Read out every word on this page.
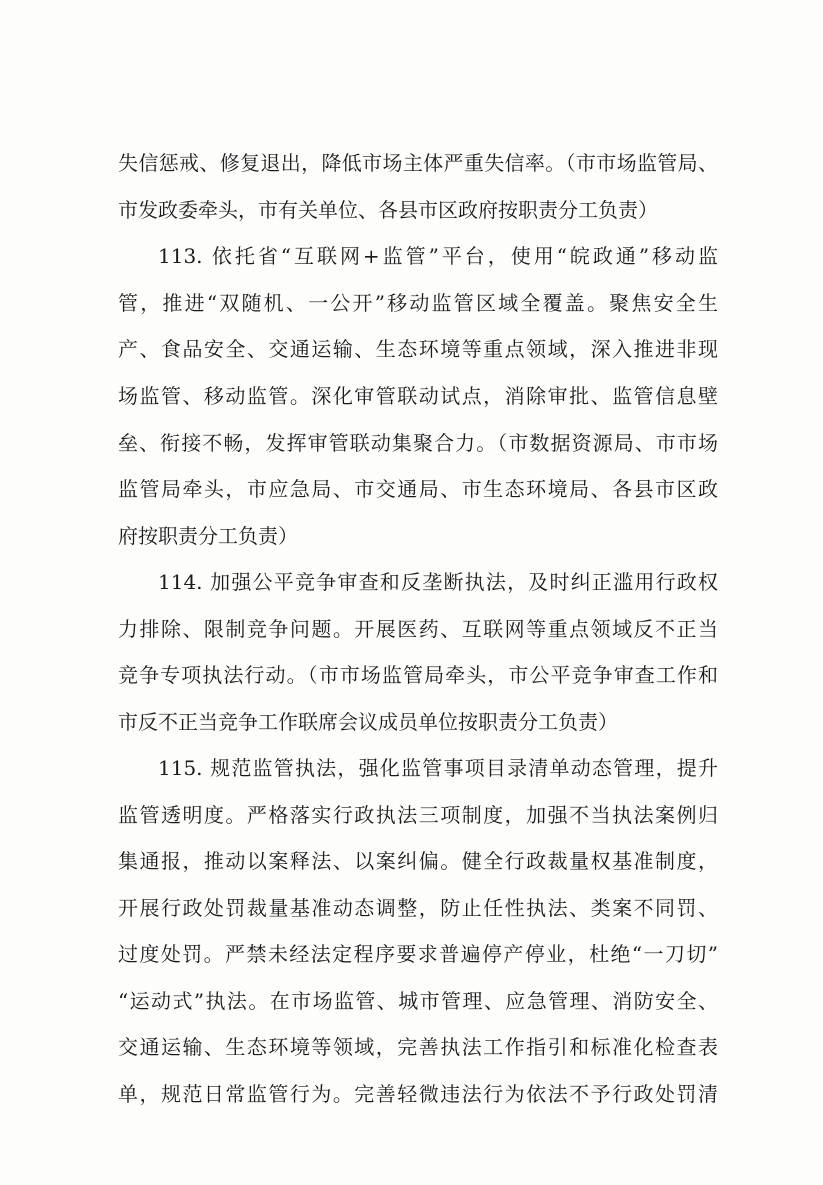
失信惩戒、修复退出，降低市场主体严重失信率。（市市场监管局、
市发政委牵头，市有关单位、各县市区政府按职责分工负责）
113. 依托省“互联网+监管”平台，使用“皖政通”移动监
管，推进“双随机、一公开”移动监管区域全覆盖。聚焦安全生
产、食品安全、交通运输、生态环境等重点领域，深入推进非现
场监管、移动监管。深化审管联动试点，消除审批、监管信息壁
垒、衔接不畅，发挥审管联动集聚合力。（市数据资源局、市市场
监管局牵头，市应急局、市交通局、市生态环境局、各县市区政
府按职责分工负责）
114. 加强公平竞争审查和反垄断执法，及时纠正滥用行政权
力排除、限制竞争问题。开展医药、互联网等重点领域反不正当
竞争专项执法行动。（市市场监管局牵头，市公平竞争审查工作和
市反不正当竞争工作联席会议成员单位按职责分工负责）
115. 规范监管执法，强化监管事项目录清单动态管理，提升
监管透明度。严格落实行政执法三项制度，加强不当执法案例归
集通报，推动以案释法、以案纠偏。健全行政裁量权基准制度，
开展行政处罚裁量基准动态调整，防止任性执法、类案不同罚、
过度处罚。严禁未经法定程序要求普遍停产停业，杜绝“一刀切”
“运动式”执法。在市场监管、城市管理、应急管理、消防安全、
交通运输、生态环境等领域，完善执法工作指引和标准化检查表
单，规范日常监管行为。完善轻微违法行为依法不予行政处罚清
